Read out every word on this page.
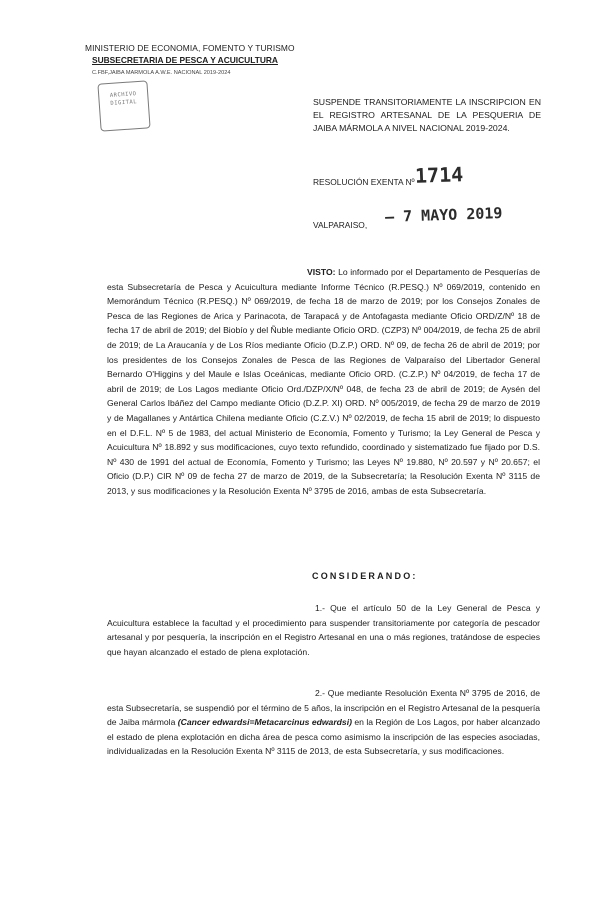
MINISTERIO DE ECONOMIA, FOMENTO Y TURISMO
SUBSECRETARIA DE PESCA Y ACUICULTURA
C.FBF,JAIBA MARMOLA A.W.E. NACIONAL 2019-2024
ARCHIVO
DIGITAL	SUSPENDE TRANSITORIAMENTE LA INSCRIPCION EN EL REGISTRO ARTESANAL DE LA PESQUERIA DE JAIBA MÁRMOLA A NIVEL NACIONAL 2019-2024.
RESOLUCIÓN EXENTA Nº 1714
VALPARAISO, – 7 MAYO 2019
VISTO: Lo informado por el Departamento de Pesquerías de esta Subsecretaría de Pesca y Acuicultura mediante Informe Técnico (R.PESQ.) Nº 069/2019, contenido en Memorándum Técnico (R.PESQ.) Nº 069/2019, de fecha 18 de marzo de 2019; por los Consejos Zonales de Pesca de las Regiones de Arica y Parinacota, de Tarapacá y de Antofagasta mediante Oficio ORD/Z/Nº 18 de fecha 17 de abril de 2019; del Biobío y del Ñuble mediante Oficio ORD. (CZP3) Nº 004/2019, de fecha 25 de abril de 2019; de La Araucanía y de Los Ríos mediante Oficio (D.Z.P.) ORD. Nº 09, de fecha 26 de abril de 2019; por los presidentes de los Consejos Zonales de Pesca de las Regiones de Valparaíso del Libertador General Bernardo O'Higgins y del Maule e Islas Oceánicas, mediante Oficio ORD. (C.Z.P.) Nº 04/2019, de fecha 17 de abril de 2019; de Los Lagos mediante Oficio Ord./DZP/X/Nº 048, de fecha 23 de abril de 2019; de Aysén del General Carlos Ibáñez del Campo mediante Oficio (D.Z.P. XI) ORD. Nº 005/2019, de fecha 29 de marzo de 2019 y de Magallanes y Antártica Chilena mediante Oficio (C.Z.V.) Nº 02/2019, de fecha 15 abril de 2019; lo dispuesto en el D.F.L. Nº 5 de 1983, del actual Ministerio de Economía, Fomento y Turismo; la Ley General de Pesca y Acuicultura Nº 18.892 y sus modificaciones, cuyo texto refundido, coordinado y sistematizado fue fijado por D.S. Nº 430 de 1991 del actual de Economía, Fomento y Turismo; las Leyes Nº 19.880, Nº 20.597 y Nº 20.657; el Oficio (D.P.) CIR Nº 09 de fecha 27 de marzo de 2019, de la Subsecretaría; la Resolución Exenta Nº 3115 de 2013, y sus modificaciones y la Resolución Exenta Nº 3795 de 2016, ambas de esta Subsecretaría.
CONSIDERANDO:
1.- Que el artículo 50 de la Ley General de Pesca y Acuicultura establece la facultad y el procedimiento para suspender transitoriamente por categoría de pescador artesanal y por pesquería, la inscripción en el Registro Artesanal en una o más regiones, tratándose de especies que hayan alcanzado el estado de plena explotación.
2.- Que mediante Resolución Exenta Nº 3795 de 2016, de esta Subsecretaría, se suspendió por el término de 5 años, la inscripción en el Registro Artesanal de la pesquería de Jaiba mármola (Cancer edwardsi=Metacarcinus edwardsi) en la Región de Los Lagos, por haber alcanzado el estado de plena explotación en dicha área de pesca como asimismo la inscripción de las especies asociadas, individualizadas en la Resolución Exenta Nº 3115 de 2013, de esta Subsecretaría, y sus modificaciones.
